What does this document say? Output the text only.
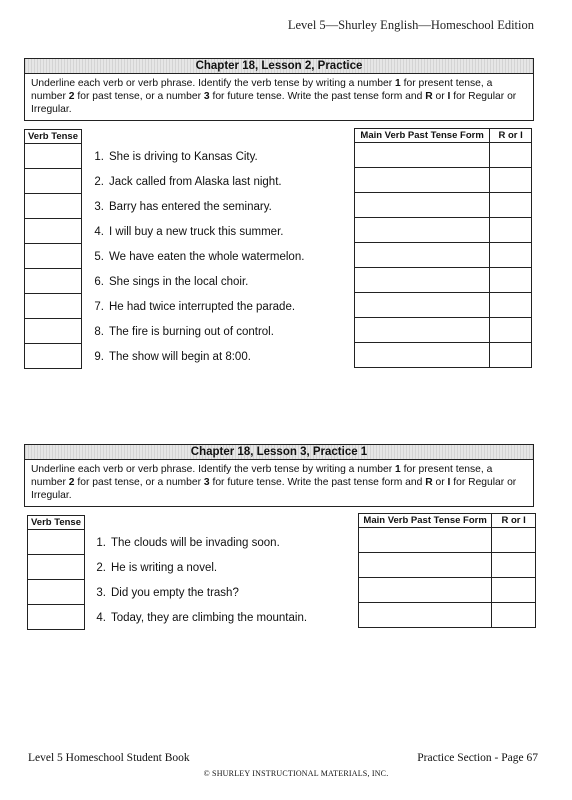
Level 5—Shurley English—Homeschool Edition
Chapter 18, Lesson 2, Practice
Underline each verb or verb phrase. Identify the verb tense by writing a number 1 for present tense, a number 2 for past tense, or a number 3 for future tense. Write the past tense form and R or I for Regular or Irregular.
Verb Tense

1. She is driving to Kansas City.
2. Jack called from Alaska last night.
3. Barry has entered the seminary.
4. I will buy a new truck this summer.
5. We have eaten the whole watermelon.
6. She sings in the local choir.
7. He had twice interrupted the parade.
8. The fire is burning out of control.
9. The show will begin at 8:00.
Main Verb Past Tense Form	R or I

Chapter 18, Lesson 3, Practice 1
Underline each verb or verb phrase. Identify the verb tense by writing a number 1 for present tense, a number 2 for past tense, or a number 3 for future tense. Write the past tense form and R or I for Regular or Irregular.
Verb Tense

1. The clouds will be invading soon.
2. He is writing a novel.
3. Did you empty the trash?
4. Today, they are climbing the mountain.
Main Verb Past Tense Form	R or I

Level 5 Homeschool Student Book	Practice Section - Page 67
© SHURLEY INSTRUCTIONAL MATERIALS, INC.
